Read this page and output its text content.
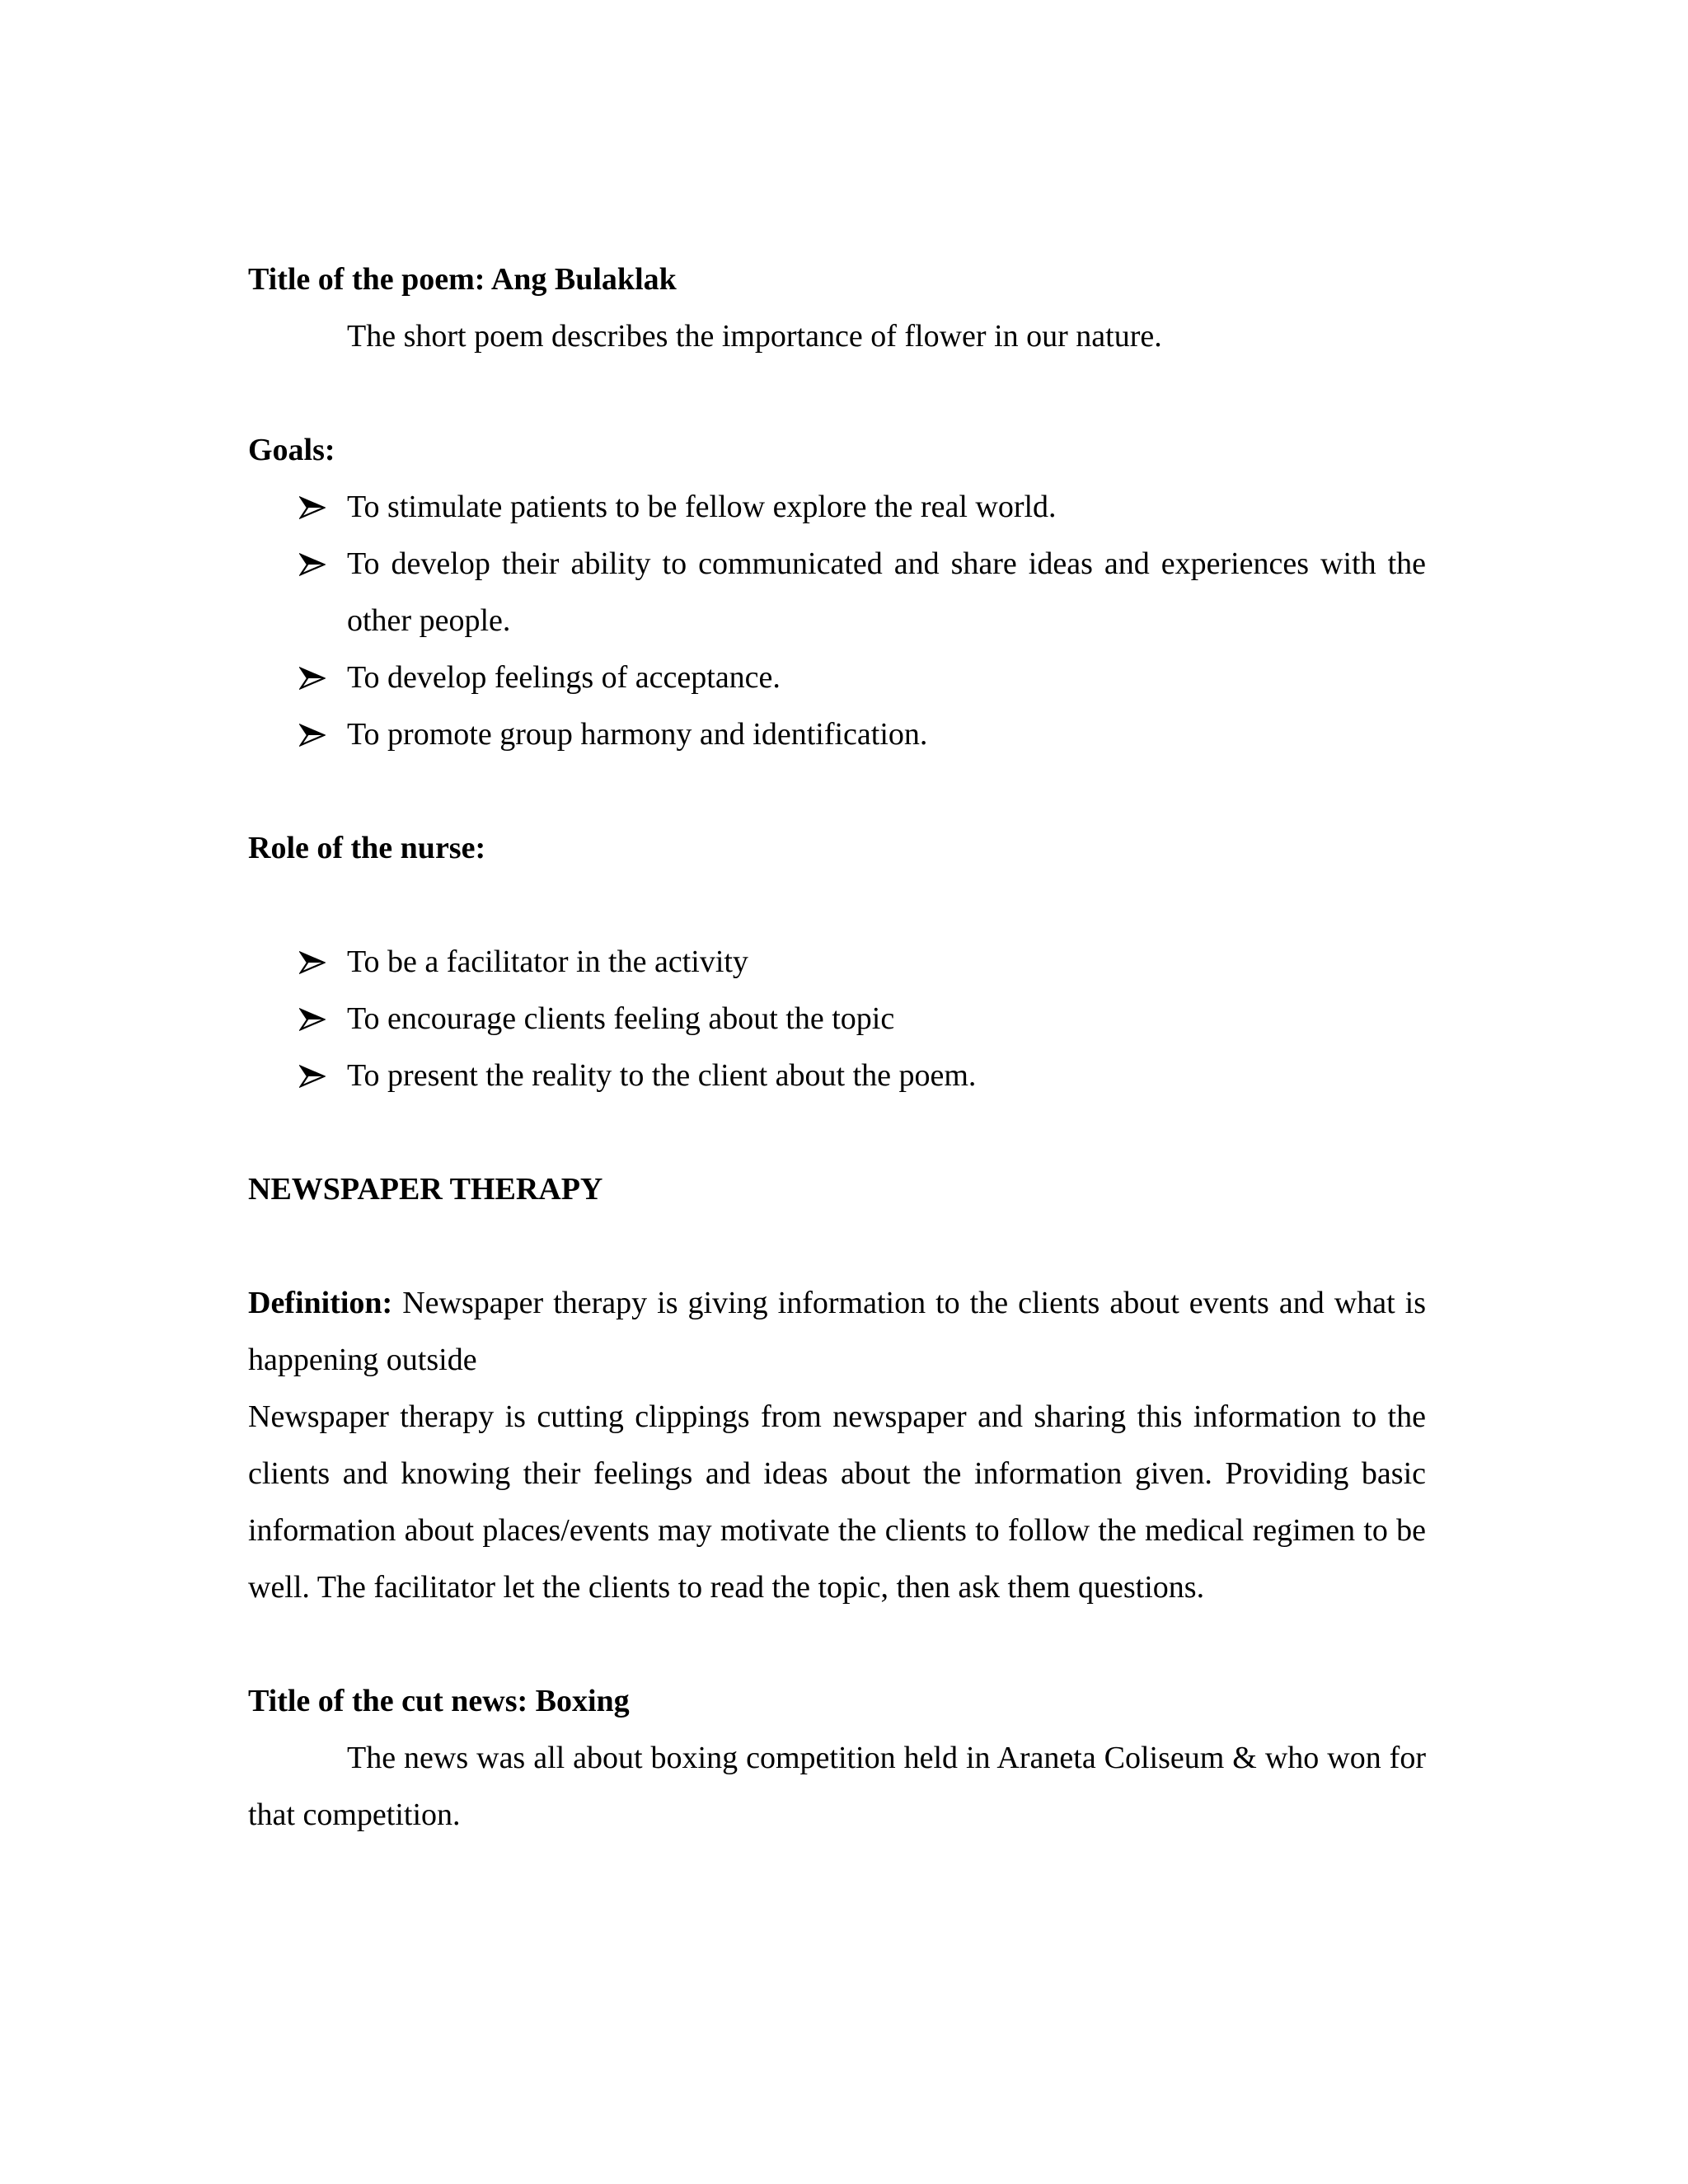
Title of the poem: Ang Bulaklak

The short poem describes the importance of flower in our nature.

Goals:
To stimulate patients to be fellow explore the real world.
To develop their ability to communicated and share ideas and experiences with the other people.
To develop feelings of acceptance.
To promote group harmony and identification.
Role of the nurse:
To be a facilitator in the activity
To encourage clients feeling about the topic
To present the reality to the client about the poem.
NEWSPAPER THERAPY

Definition: Newspaper therapy is giving information to the clients about events and what is happening outside

Newspaper therapy is cutting clippings from newspaper and sharing this information to the clients and knowing their feelings and ideas about the information given. Providing basic information about places/events may motivate the clients to follow the medical regimen to be well. The facilitator let the clients to read the topic, then ask them questions.

Title of the cut news: Boxing

The news was all about boxing competition held in Araneta Coliseum & who won for that competition.
